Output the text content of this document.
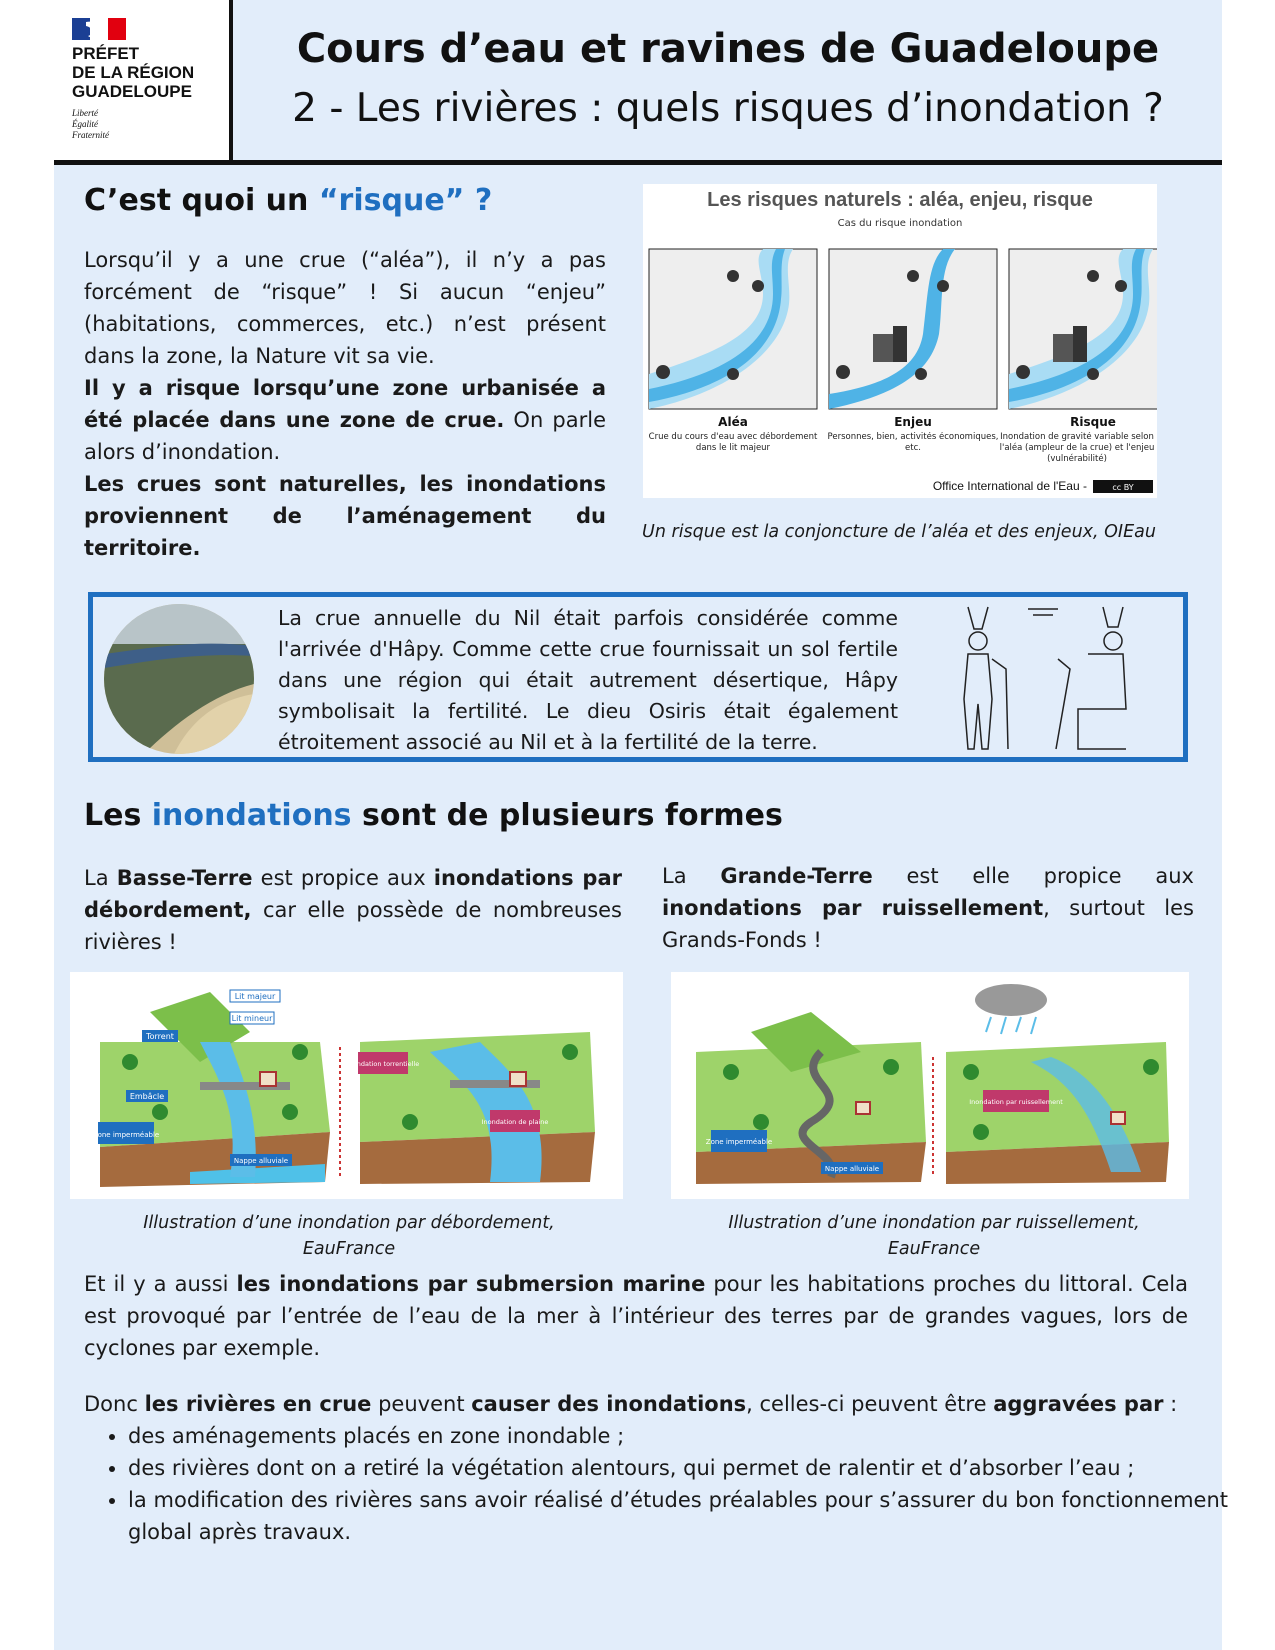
PRÉFET
DE LA RÉGION
GUADELOUPE
Liberté
Égalité
Fraternité
Cours d’eau et ravines de Guadeloupe
2 - Les rivières : quels risques d’inondation ?
C’est quoi un “risque” ?
Lorsqu’il y a une crue (“aléa”), il n’y a pas forcément de “risque” ! Si aucun “enjeu” (habitations, commerces, etc.) n’est présent dans la zone, la Nature vit sa vie.
Il y a risque lorsqu’une zone urbanisée a été placée dans une zone de crue. On parle alors d’inondation.
Les crues sont naturelles, les inondations proviennent de l’aménagement du territoire.
Les risques naturels : aléa, enjeu, risque
Cas du risque inondation
Aléa	Enjeu	Risque
Crue du cours d'eau avec débordement dans le lit majeur
Personnes, bien, activités économiques, etc.
Inondation de gravité variable selon l'aléa (ampleur de la crue) et l'enjeu (vulnérabilité)
Office International de l'Eau -	cc BY
Un risque est la conjoncture de l’aléa et des enjeux, OIEau
La crue annuelle du Nil était parfois considérée comme l'arrivée d'Hâpy. Comme cette crue fournissait un sol fertile dans une région qui était autrement désertique, Hâpy symbolisait la fertilité. Le dieu Osiris était également étroitement associé au Nil et à la fertilité de la terre.
Les inondations sont de plusieurs formes
La Basse-Terre est propice aux inondations par débordement, car elle possède de nombreuses rivières !
La Grande-Terre est elle propice aux inondations par ruissellement, surtout les Grands-Fonds !
Lit majeur
Lit mineur
Torrent
Embâcle
Zone imperméable
Nappe alluviale
Inondation torrentielle
Inondation de plaine
Zone imperméable
Nappe alluviale
Inondation par ruissellement
Illustration d’une inondation par débordement, EauFrance
Illustration d’une inondation par ruissellement, EauFrance
Et il y a aussi les inondations par submersion marine pour les habitations proches du littoral. Cela est provoqué par l’entrée de l’eau de la mer à l’intérieur des terres par de grandes vagues, lors de cyclones par exemple.
Donc les rivières en crue peuvent causer des inondations, celles-ci peuvent être aggravées par :
• des aménagements placés en zone inondable ;
• des rivières dont on a retiré la végétation alentours, qui permet de ralentir et d’absorber l’eau ;
• la modification des rivières sans avoir réalisé d’études préalables pour s’assurer du bon fonctionnement global après travaux.
